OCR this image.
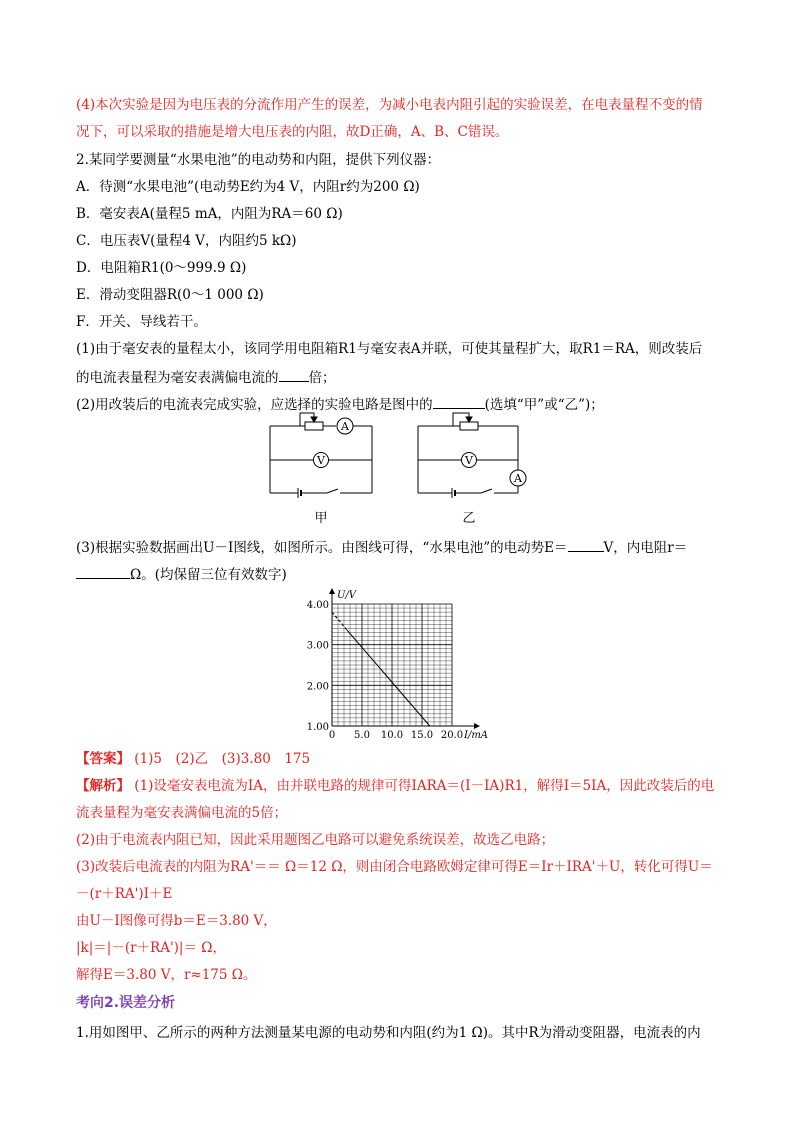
(4)本次实验是因为电压表的分流作用产生的误差，为减小电表内阻引起的实验误差，在电表量程不变的情
况下，可以采取的措施是增大电压表的内阻，故D正确，A、B、C错误。
2.某同学要测量“水果电池”的电动势和内阻，提供下列仪器：
A．待测“水果电池”(电动势E约为4 V，内阻r约为200 Ω)
B．毫安表A(量程5 mA，内阻为RA＝60 Ω)
C．电压表V(量程4 V，内阻约5 kΩ)
D．电阻箱R1(0～999.9 Ω)
E．滑动变阻器R(0～1 000 Ω)
F．开关、导线若干。
(1)由于毫安表的量程太小，该同学用电阻箱R1与毫安表A并联，可使其量程扩大，取R1＝RA，则改装后
的电流表量程为毫安表满偏电流的 倍；
(2)用改装后的电流表完成实验，应选择的实验电路是图中的	(选填“甲”或“乙”)；
A
V	V
A
甲	乙
(3)根据实验数据画出U－I图线，如图所示。由图线可得，“水果电池”的电动势E＝	V，内电阻r＝
Ω。(均保留三位有效数字)
0 5.0 10.0 15.0 20.0
1.00
2.00
3.00
4.00
I/mA
U/V
【答案】 (1)5　(2)乙　(3)3.80　175
【解析】 (1)设毫安表电流为IA，由并联电路的规律可得IARA＝(I－IA)R1，解得I＝5IA，因此改装后的电
流表量程为毫安表满偏电流的5倍；
(2)由于电流表内阻已知，因此采用题图乙电路可以避免系统误差，故选乙电路；
(3)改装后电流表的内阻为RA'＝＝ Ω＝12 Ω，则由闭合电路欧姆定律可得E＝Ir＋IRA'＋U，转化可得U＝
－(r＋RA')I＋E
由U－I图像可得b＝E＝3.80 V，
|k|＝|－(r＋RA')|＝ Ω，
解得E＝3.80 V，r≈175 Ω。
考向2.误差分析
1.用如图甲、乙所示的两种方法测量某电源的电动势和内阻(约为1 Ω)。其中R为滑动变阻器，电流表的内
